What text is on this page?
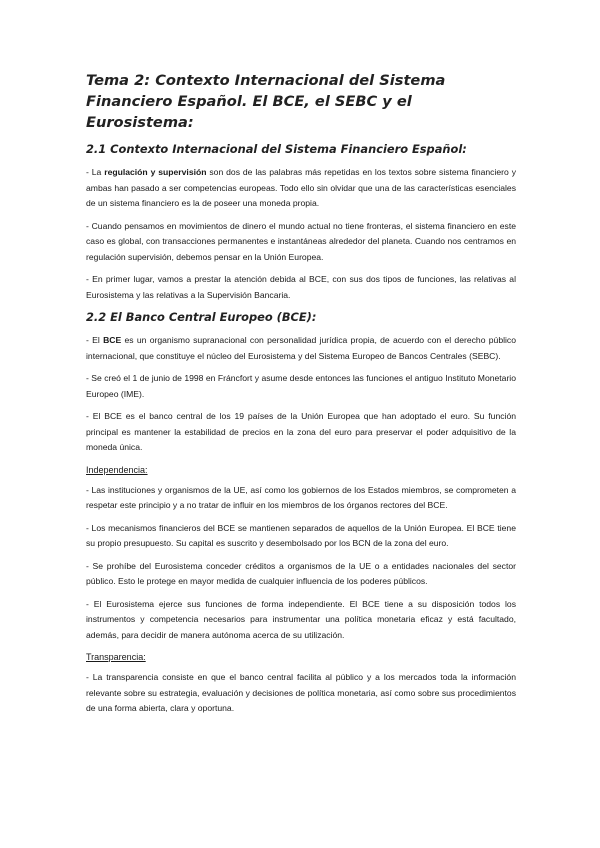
Tema 2: Contexto Internacional del Sistema Financiero Español. El BCE, el SEBC y el Eurosistema:
2.1 Contexto Internacional del Sistema Financiero Español:

- La regulación y supervisión son dos de las palabras más repetidas en los textos sobre sistema financiero y ambas han pasado a ser competencias europeas. Todo ello sin olvidar que una de las características esenciales de un sistema financiero es la de poseer una moneda propia.

- Cuando pensamos en movimientos de dinero el mundo actual no tiene fronteras, el sistema financiero en este caso es global, con transacciones permanentes e instantáneas alrededor del planeta. Cuando nos centramos en regulación supervisión, debemos pensar en la Unión Europea.

- En primer lugar, vamos a prestar la atención debida al BCE, con sus dos tipos de funciones, las relativas al Eurosistema y las relativas a la Supervisión Bancaria.

2.2 El Banco Central Europeo (BCE):

- El BCE es un organismo supranacional con personalidad jurídica propia, de acuerdo con el derecho público internacional, que constituye el núcleo del Eurosistema y del Sistema Europeo de Bancos Centrales (SEBC).

- Se creó el 1 de junio de 1998 en Fráncfort y asume desde entonces las funciones el antiguo Instituto Monetario Europeo (IME).

- El BCE es el banco central de los 19 países de la Unión Europea que han adoptado el euro. Su función principal es mantener la estabilidad de precios en la zona del euro para preservar el poder adquisitivo de la moneda única.

Independencia:

- Las instituciones y organismos de la UE, así como los gobiernos de los Estados miembros, se comprometen a respetar este principio y a no tratar de influir en los miembros de los órganos rectores del BCE.

- Los mecanismos financieros del BCE se mantienen separados de aquellos de la Unión Europea. El BCE tiene su propio presupuesto. Su capital es suscrito y desembolsado por los BCN de la zona del euro.

- Se prohíbe del Eurosistema conceder créditos a organismos de la UE o a entidades nacionales del sector público. Esto le protege en mayor medida de cualquier influencia de los poderes públicos.

- El Eurosistema ejerce sus funciones de forma independiente. El BCE tiene a su disposición todos los instrumentos y competencia necesarios para instrumentar una política monetaria eficaz y está facultado, además, para decidir de manera autónoma acerca de su utilización.

Transparencia:

- La transparencia consiste en que el banco central facilita al público y a los mercados toda la información relevante sobre su estrategia, evaluación y decisiones de política monetaria, así como sobre sus procedimientos de una forma abierta, clara y oportuna.
